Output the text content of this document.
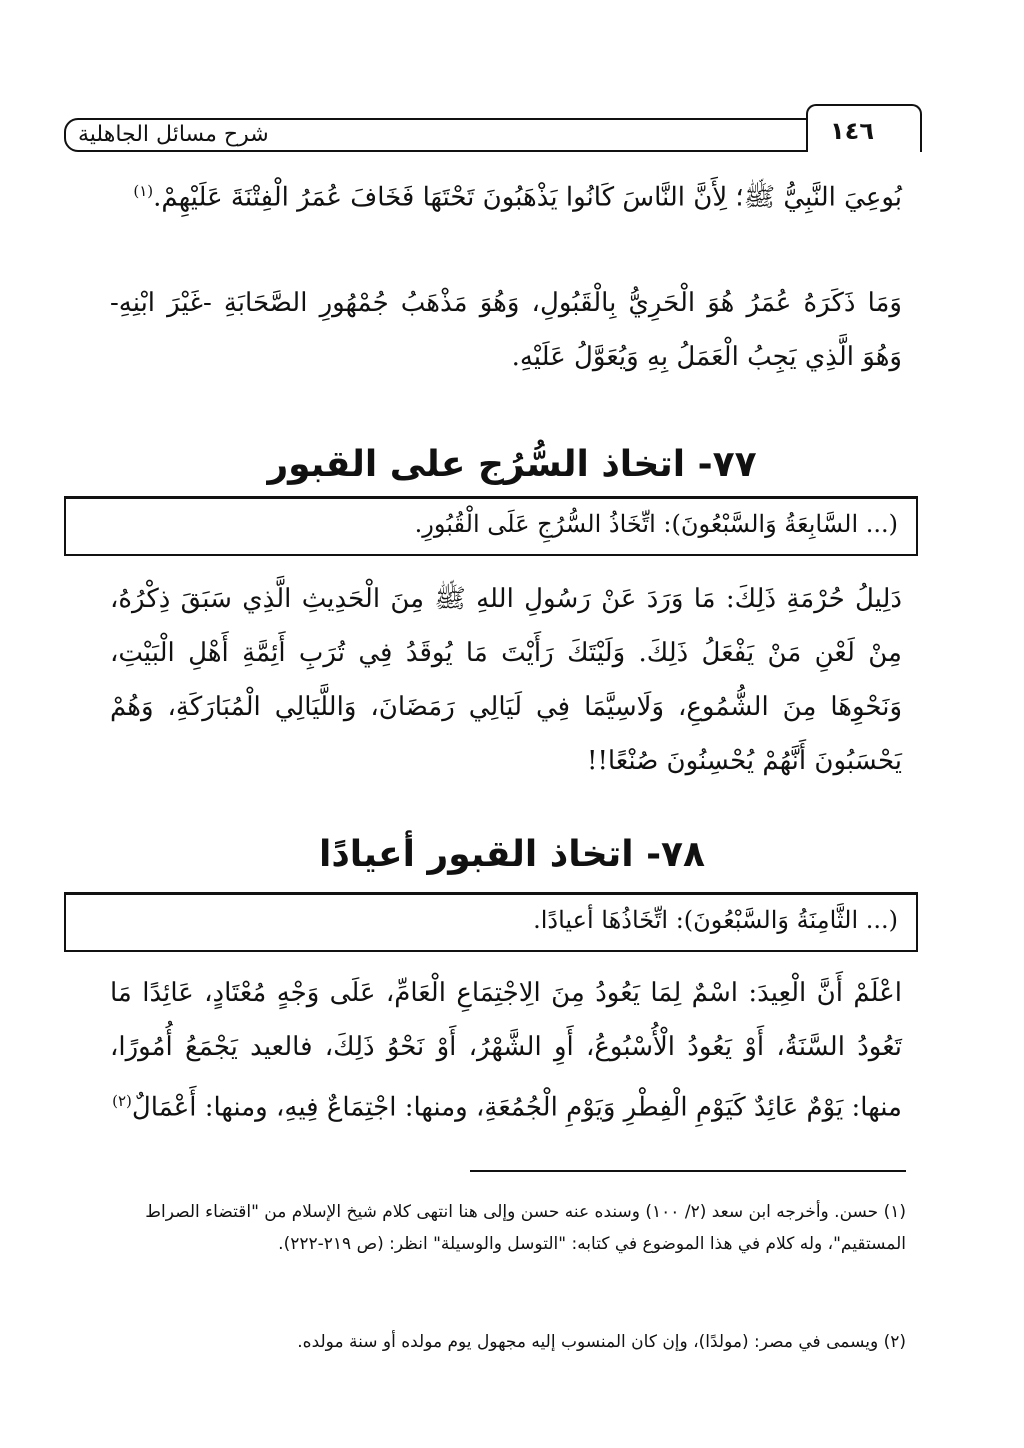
شرح مسائل الجاهلية	١٤٦
بُوعِيَ النَّبِيُّ ﷺ؛ لِأَنَّ النَّاسَ كَانُوا يَذْهَبُونَ تَحْتَهَا فَخَافَ عُمَرُ الْفِتْنَةَ عَلَيْهِمْ.$^{(١)}$
وَمَا ذَكَرَهُ عُمَرُ هُوَ الْحَرِيُّ بِالْقَبُولِ، وَهُوَ مَذْهَبُ جُمْهُورِ الصَّحَابَةِ -غَيْرَ ابْنِهِ- وَهُوَ الَّذِي يَجِبُ الْعَمَلُ بِهِ وَيُعَوَّلُ عَلَيْهِ.
٧٧- اتخاذ السُّرُج على القبور
(... السَّابِعَةُ وَالسَّبْعُونَ): اتِّخَاذُ السُّرُجِ عَلَى الْقُبُورِ.
دَلِيلُ حُرْمَةِ ذَلِكَ: مَا وَرَدَ عَنْ رَسُولِ اللهِ ﷺ مِنَ الْحَدِيثِ الَّذِي سَبَقَ ذِكْرُهُ، مِنْ لَعْنِ مَنْ يَفْعَلُ ذَلِكَ. وَلَيْتَكَ رَأَيْتَ مَا يُوقَدُ فِي تُرَبِ أَئِمَّةِ أَهْلِ الْبَيْتِ، وَنَحْوِهَا مِنَ الشُّمُوعِ، وَلَاسِيَّمَا فِي لَيَالِي رَمَضَانَ، وَاللَّيَالِي الْمُبَارَكَةِ، وَهُمْ يَحْسَبُونَ أَنَّهُمْ يُحْسِنُونَ صُنْعًا!!
٧٨- اتخاذ القبور أعيادًا
(... الثَّامِنَةُ وَالسَّبْعُونَ): اتِّخَاذُهَا أعيادًا.
اعْلَمْ أَنَّ الْعِيدَ: اسْمٌ لِمَا يَعُودُ مِنَ الِاجْتِمَاعِ الْعَامِّ، عَلَى وَجْهٍ مُعْتَادٍ، عَائِدًا مَا تَعُودُ السَّنَةُ، أَوْ يَعُودُ الْأُسْبُوعُ، أَوِ الشَّهْرُ، أَوْ نَحْوُ ذَلِكَ، فالعيد يَجْمَعُ أُمُورًا، منها: يَوْمٌ عَائِدٌ كَيَوْمِ الْفِطْرِ وَيَوْمِ الْجُمُعَةِ، ومنها: اجْتِمَاعٌ فِيهِ، ومنها: أَعْمَالٌ$^{(٢)}$
(١) حسن. وأخرجه ابن سعد (٢/ ١٠٠) وسنده عنه حسن وإلى هنا انتهى كلام شيخ الإسلام من "اقتضاء الصراط المستقيم"، وله كلام في هذا الموضوع في كتابه: "التوسل والوسيلة" انظر: (ص ٢١٩-٢٢٢).
(٢) ويسمى في مصر: (مولدًا)، وإن كان المنسوب إليه مجهول يوم مولده أو سنة مولده.
